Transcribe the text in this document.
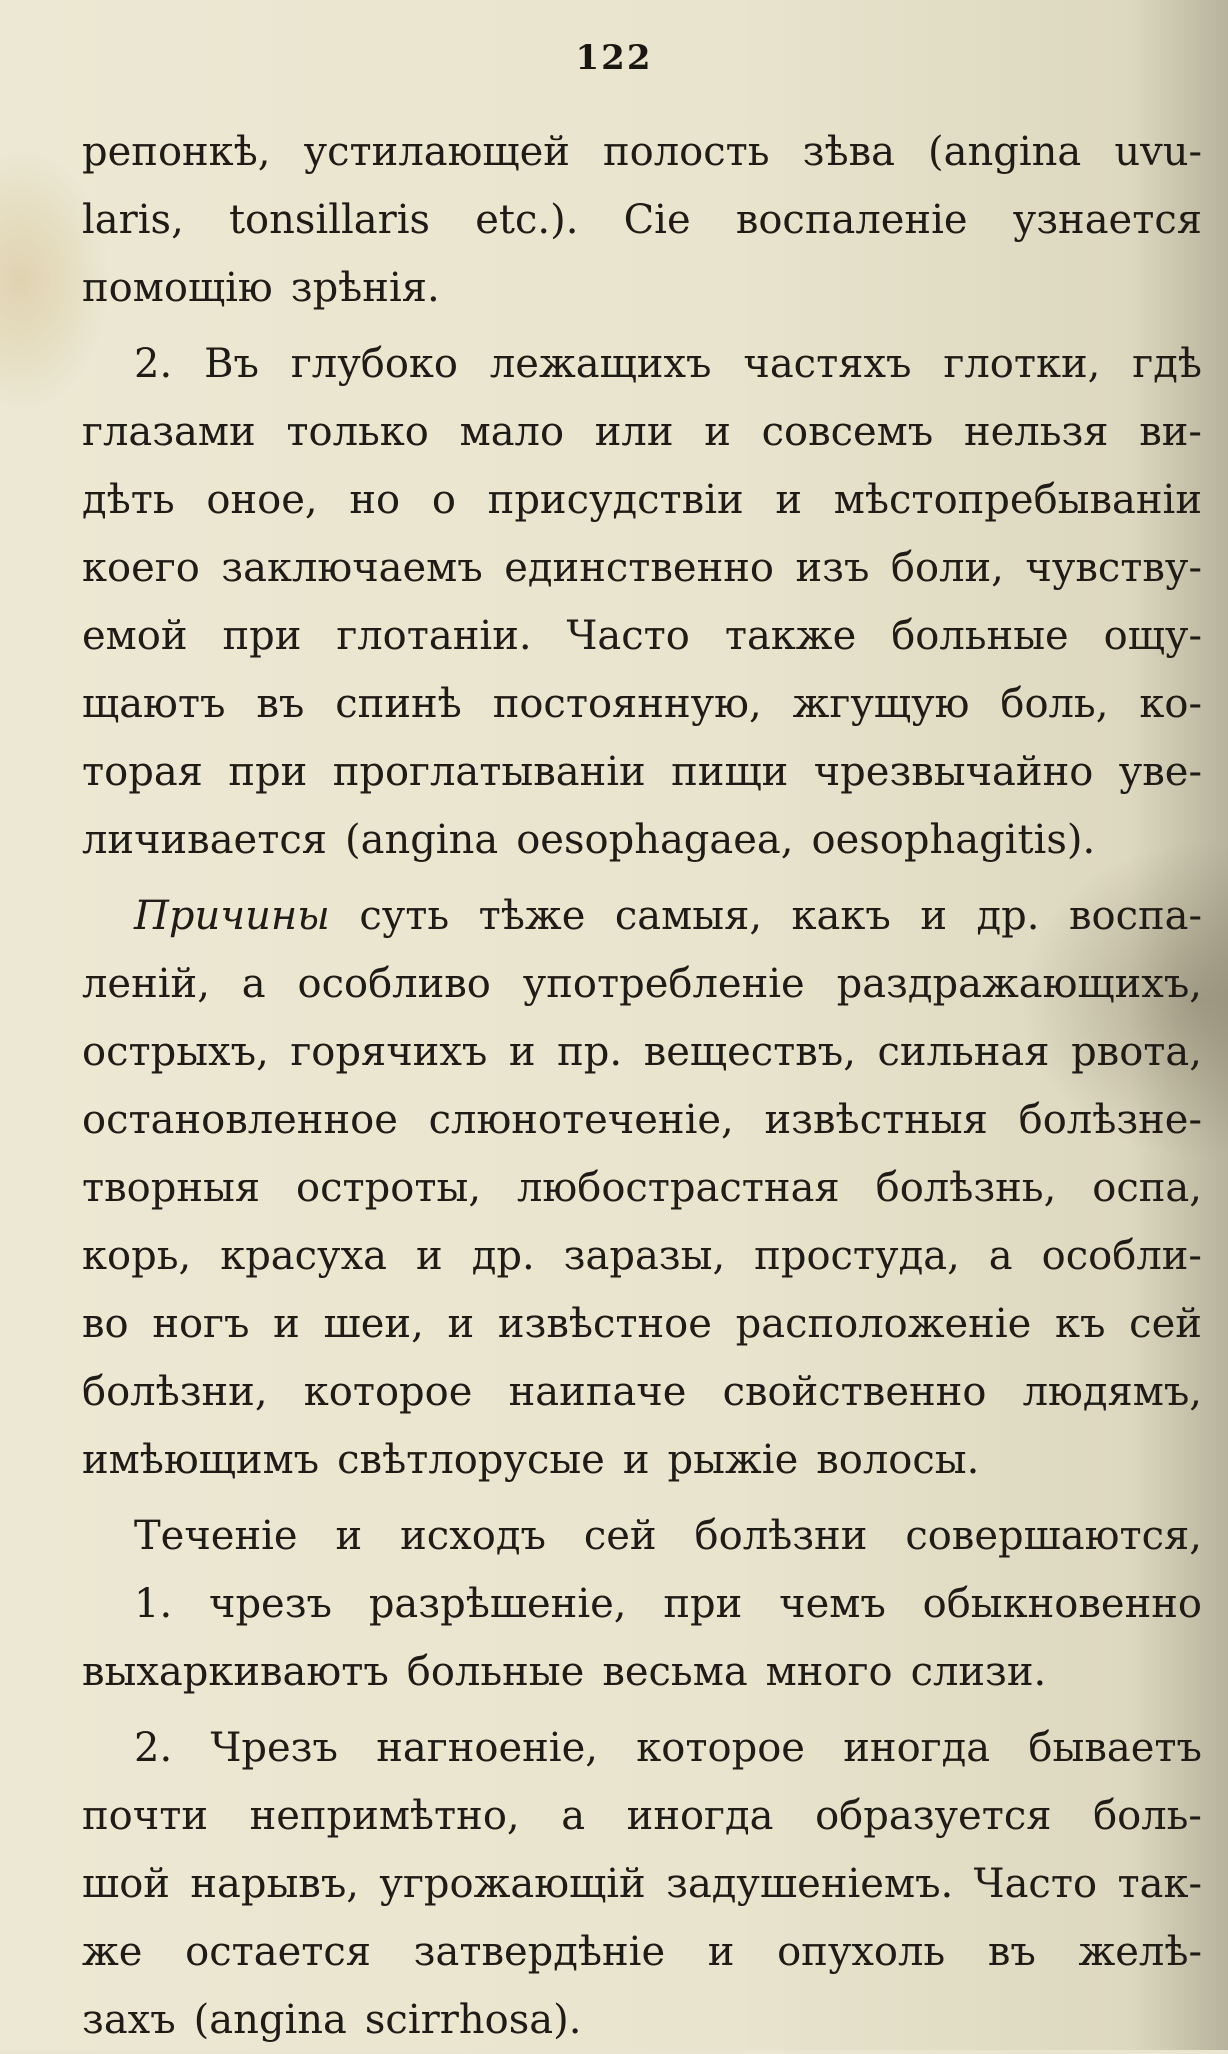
122
репонкѣ, устилающей полость зѣва (angina uvu-
laris, tonsillaris etc.). Сіе воспаленіе узнается
помощію зрѣнія.
2. Въ глубоко лежащихъ частяхъ глотки, гдѣ
глазами только мало или и совсемъ нельзя ви-
дѣть оное, но о присудствіи и мѣстопребываніи
коего заключаемъ единственно изъ боли, чувству-
емой при глотаніи. Часто также больные ощу-
щаютъ въ спинѣ постоянную, жгущую боль, ко-
торая при проглатываніи пищи чрезвычайно уве-
личивается (angina oesophagaea, oesophagitis).
Причины суть тѣже самыя, какъ и др. воспа-
леній, а особливо употребленіе раздражающихъ,
острыхъ, горячихъ и пр. веществъ, сильная рвота,
остановленное слюнотеченіе, извѣстныя болѣзне-
творныя остроты, любострастная болѣзнь, оспа,
корь, красуха и др. заразы, простуда, а особли-
во ногъ и шеи, и извѣстное расположеніе къ сей
болѣзни, которое наипаче свойственно людямъ,
имѣющимъ свѣтлорусые и рыжіе волосы.
Теченіе и исходъ сей болѣзни совершаются,
1. чрезъ разрѣшеніе, при чемъ обыкновенно
выхаркиваютъ больные весьма много слизи.
2. Чрезъ нагноеніе, которое иногда бываетъ
почти непримѣтно, а иногда образуется боль-
шой нарывъ, угрожающій задушеніемъ. Часто так-
же остается затвердѣніе и опухоль въ желѣ-
захъ (angina scirrhosa).
